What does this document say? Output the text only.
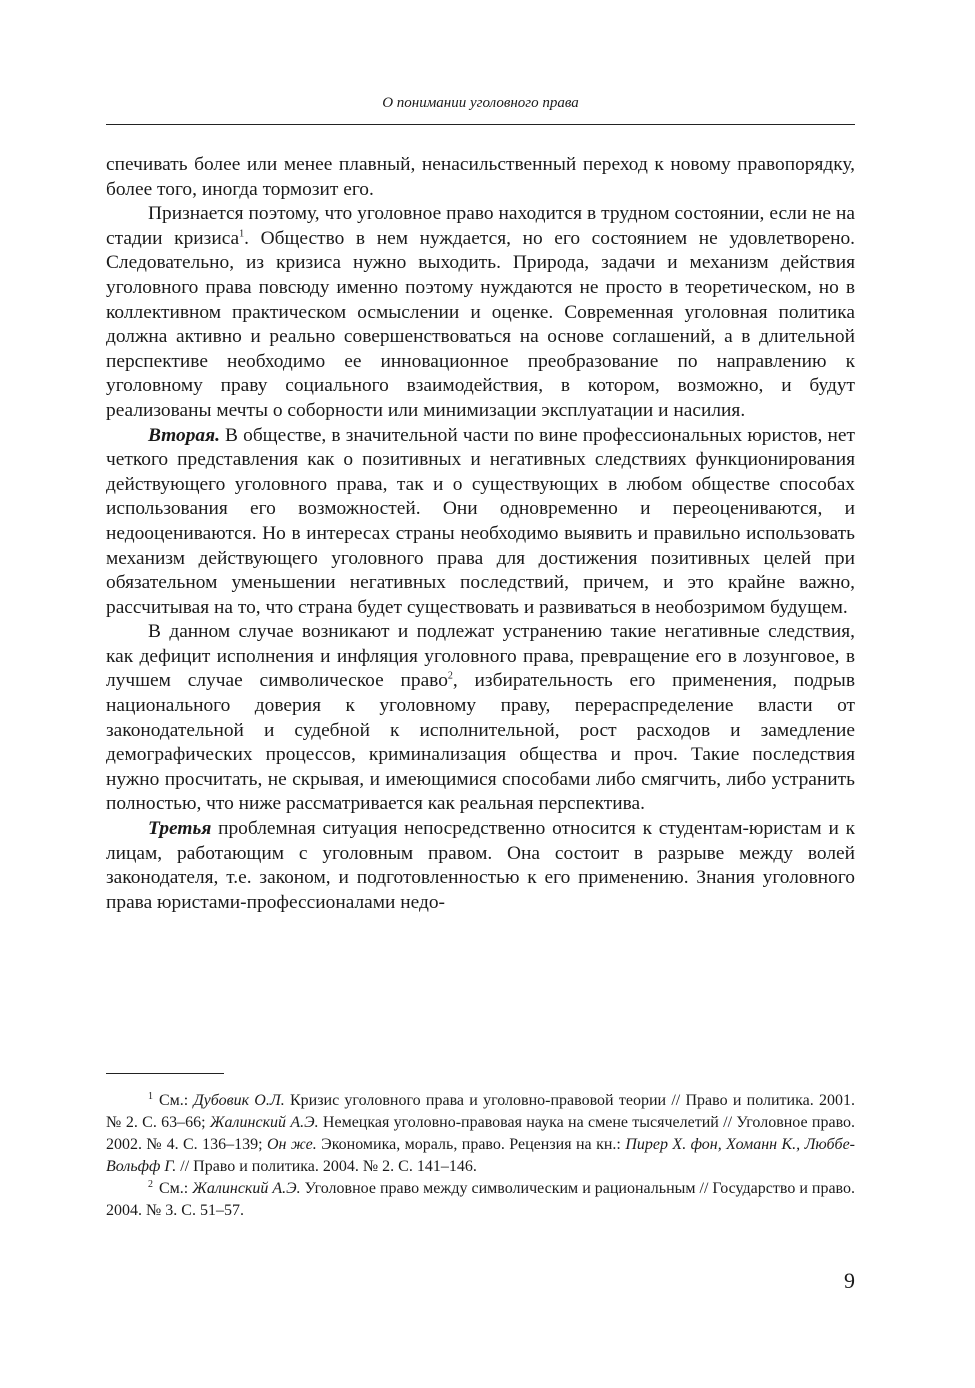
О понимании уголовного права

спечивать более или менее плавный, ненасильственный переход к новому правопорядку, более того, иногда тормозит его.

Признается поэтому, что уголовное право находится в трудном состоянии, если не на стадии кризиса$^1$. Общество в нем нуждается, но его состоянием не удовлетворено. Следовательно, из кризиса нужно выходить. Природа, задачи и механизм действия уголовного права повсюду именно поэтому нуждаются не просто в теоретическом, но в коллективном практическом осмыслении и оценке. Современная уголовная политика должна активно и реально совершенствоваться на основе соглашений, а в длительной перспективе необходимо ее инновационное преобразование по направлению к уголовному праву социального взаимодействия, в котором, возможно, и будут реализованы мечты о соборности или минимизации эксплуатации и насилия.

Вторая. В обществе, в значительной части по вине профессиональных юристов, нет четкого представления как о позитивных и негативных следствиях функционирования действующего уголовного права, так и о существующих в любом обществе способах использования его возможностей. Они одновременно и переоцениваются, и недооцениваются. Но в интересах страны необходимо выявить и правильно использовать механизм действующего уголовного права для достижения позитивных целей при обязательном уменьшении негативных последствий, причем, и это крайне важно, рассчитывая на то, что страна будет существовать и развиваться в необозримом будущем.

В данном случае возникают и подлежат устранению такие негативные следствия, как дефицит исполнения и инфляция уголовного права, превращение его в лозунговое, в лучшем случае символическое право$^2$, избирательность его применения, подрыв национального доверия к уголовному праву, перераспределение власти от законодательной и судебной к исполнительной, рост расходов и замедление демографических процессов, криминализация общества и проч. Такие последствия нужно просчитать, не скрывая, и имеющимися способами либо смягчить, либо устранить полностью, что ниже рассматривается как реальная перспектива.

Третья проблемная ситуация непосредственно относится к студентам-юристам и к лицам, работающим с уголовным правом. Она состоит в разрыве между волей законодателя, т.е. законом, и подготовленностью к его применению. Знания уголовного права юристами-профессионалами недо-

$^1$ См.: Дубовик О.Л. Кризис уголовного права и уголовно-правовой теории // Право и политика. 2001. № 2. С. 63–66; Жалинский А.Э. Немецкая уголовно-правовая наука на смене тысячелетий // Уголовное право. 2002. № 4. С. 136–139; Он же. Экономика, мораль, право. Рецензия на кн.: Пирер Х. фон, Хоманн К., Люббе-Вольфф Г. // Право и политика. 2004. № 2. С. 141–146.

$^2$ См.: Жалинский А.Э. Уголовное право между символическим и рациональным // Государство и право. 2004. № 3. С. 51–57.

9
